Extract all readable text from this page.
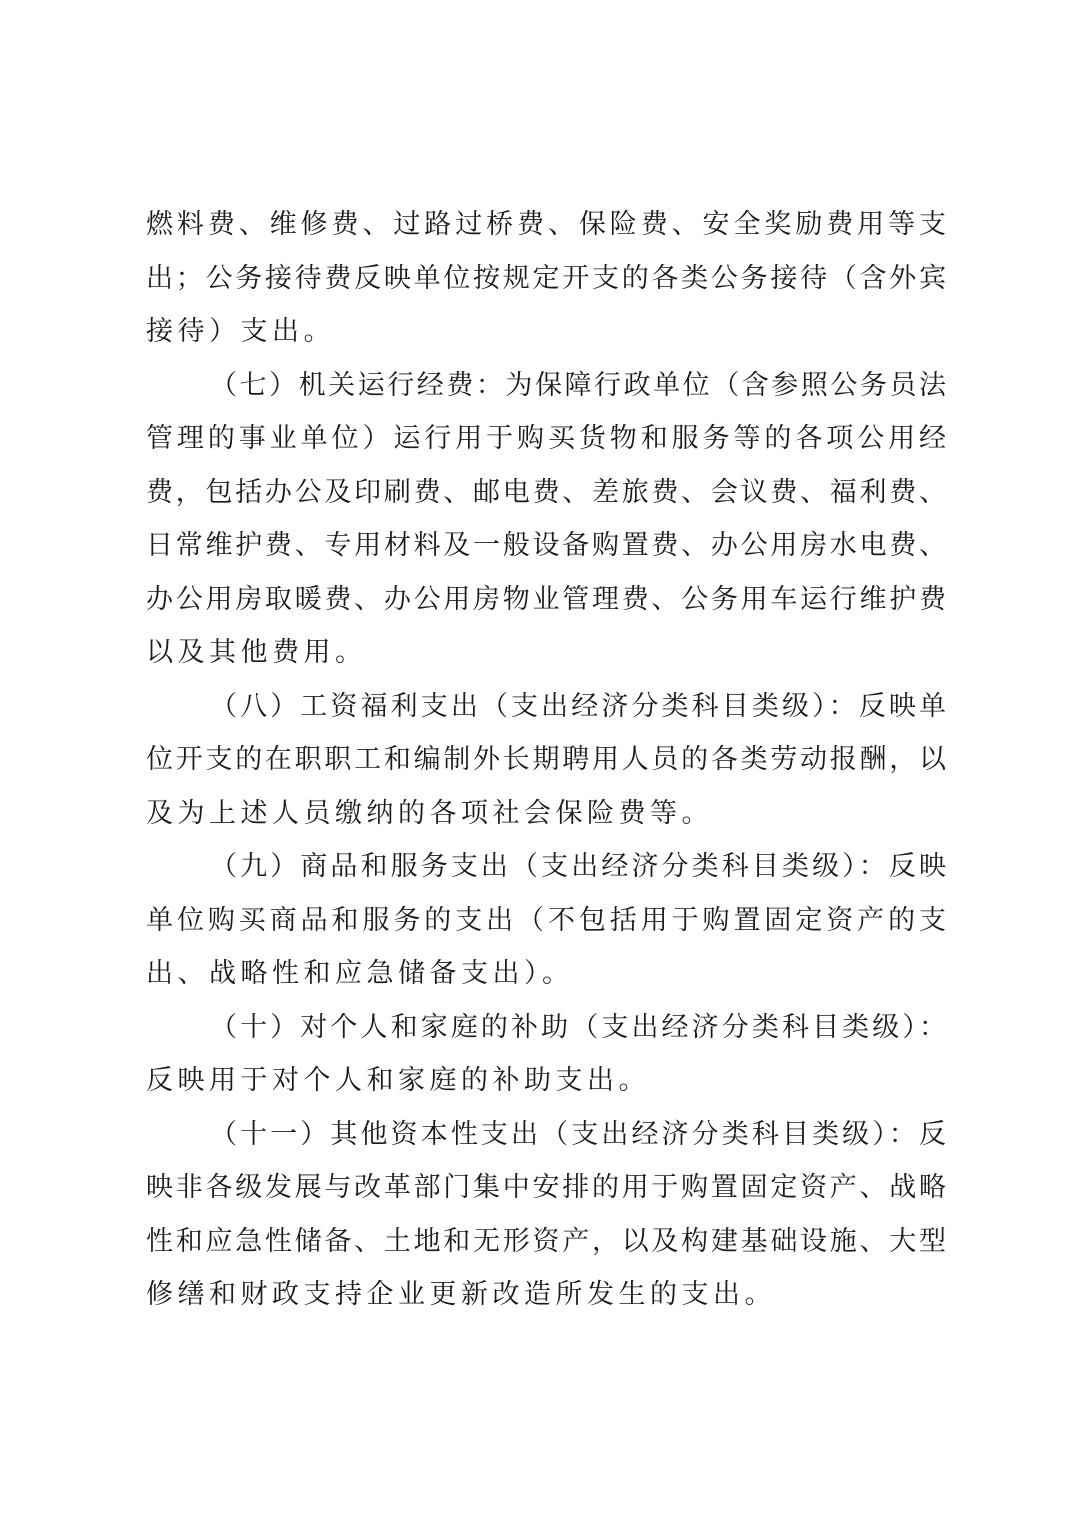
燃料费、维修费、过路过桥费、保险费、安全奖励费用等支
出；公务接待费反映单位按规定开支的各类公务接待（含外宾
接待）支出。
（七）机关运行经费：为保障行政单位（含参照公务员法
管理的事业单位）运行用于购买货物和服务等的各项公用经
费，包括办公及印刷费、邮电费、差旅费、会议费、福利费、
日常维护费、专用材料及一般设备购置费、办公用房水电费、
办公用房取暖费、办公用房物业管理费、公务用车运行维护费
以及其他费用。
（八）工资福利支出（支出经济分类科目类级）：反映单
位开支的在职职工和编制外长期聘用人员的各类劳动报酬，以
及为上述人员缴纳的各项社会保险费等。
（九）商品和服务支出（支出经济分类科目类级）：反映
单位购买商品和服务的支出（不包括用于购置固定资产的支
出、战略性和应急储备支出）。
（十）对个人和家庭的补助（支出经济分类科目类级）：
反映用于对个人和家庭的补助支出。
（十一）其他资本性支出（支出经济分类科目类级）：反
映非各级发展与改革部门集中安排的用于购置固定资产、战略
性和应急性储备、土地和无形资产，以及构建基础设施、大型
修缮和财政支持企业更新改造所发生的支出。
